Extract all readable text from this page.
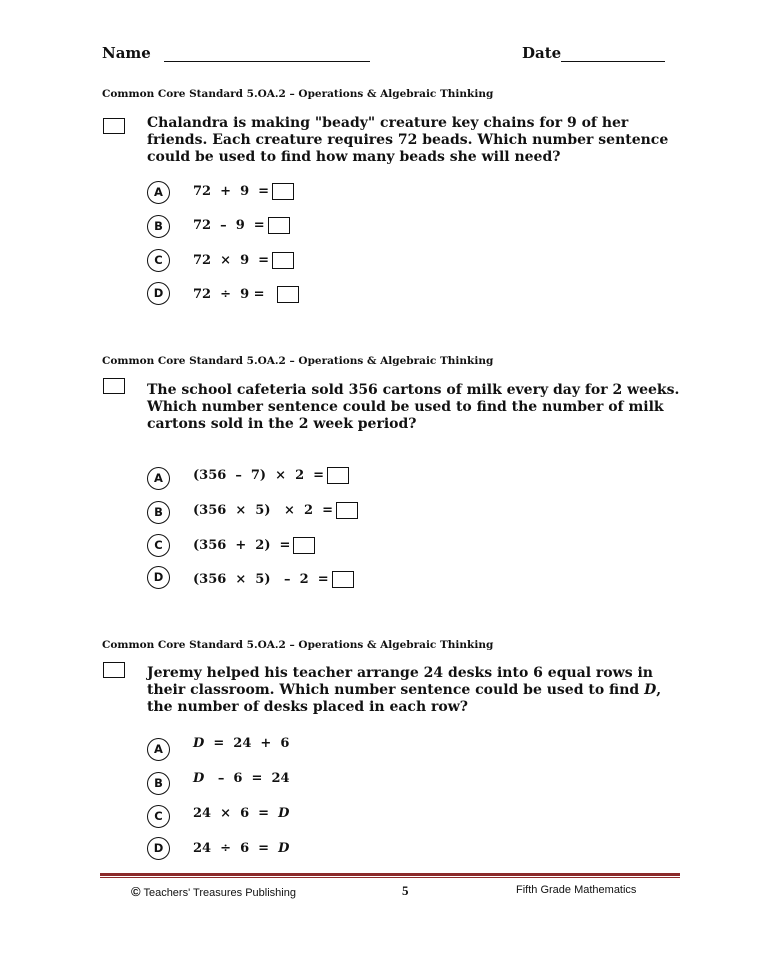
Name	Date
Common Core Standard 5.OA.2 – Operations & Algebraic Thinking
Chalandra is making "beady" creature key chains for 9 of her
friends. Each creature requires 72 beads. Which number sentence
could be used to find how many beads she will need?
A	72  +  9  =
B	72  –  9  =
C	72  ×  9  =
D	72  ÷  9 =
Common Core Standard 5.OA.2 – Operations & Algebraic Thinking
The school cafeteria sold 356 cartons of milk every day for 2 weeks.
Which number sentence could be used to find the number of milk
cartons sold in the 2 week period?
A	(356  –  7)  ×  2  =
B	(356  ×  5)   ×  2  =
C	(356  +  2)  =
D	(356  ×  5)   –  2  =
Common Core Standard 5.OA.2 – Operations & Algebraic Thinking
Jeremy helped his teacher arrange 24 desks into 6 equal rows in
their classroom. Which number sentence could be used to find D,
the number of desks placed in each row?
A	D  =  24  +  6
B	D   –  6  =  24
C	24  ×  6  =  D
D	24  ÷  6  =  D
© Teachers' Treasures Publishing	5	Fifth Grade Mathematics
